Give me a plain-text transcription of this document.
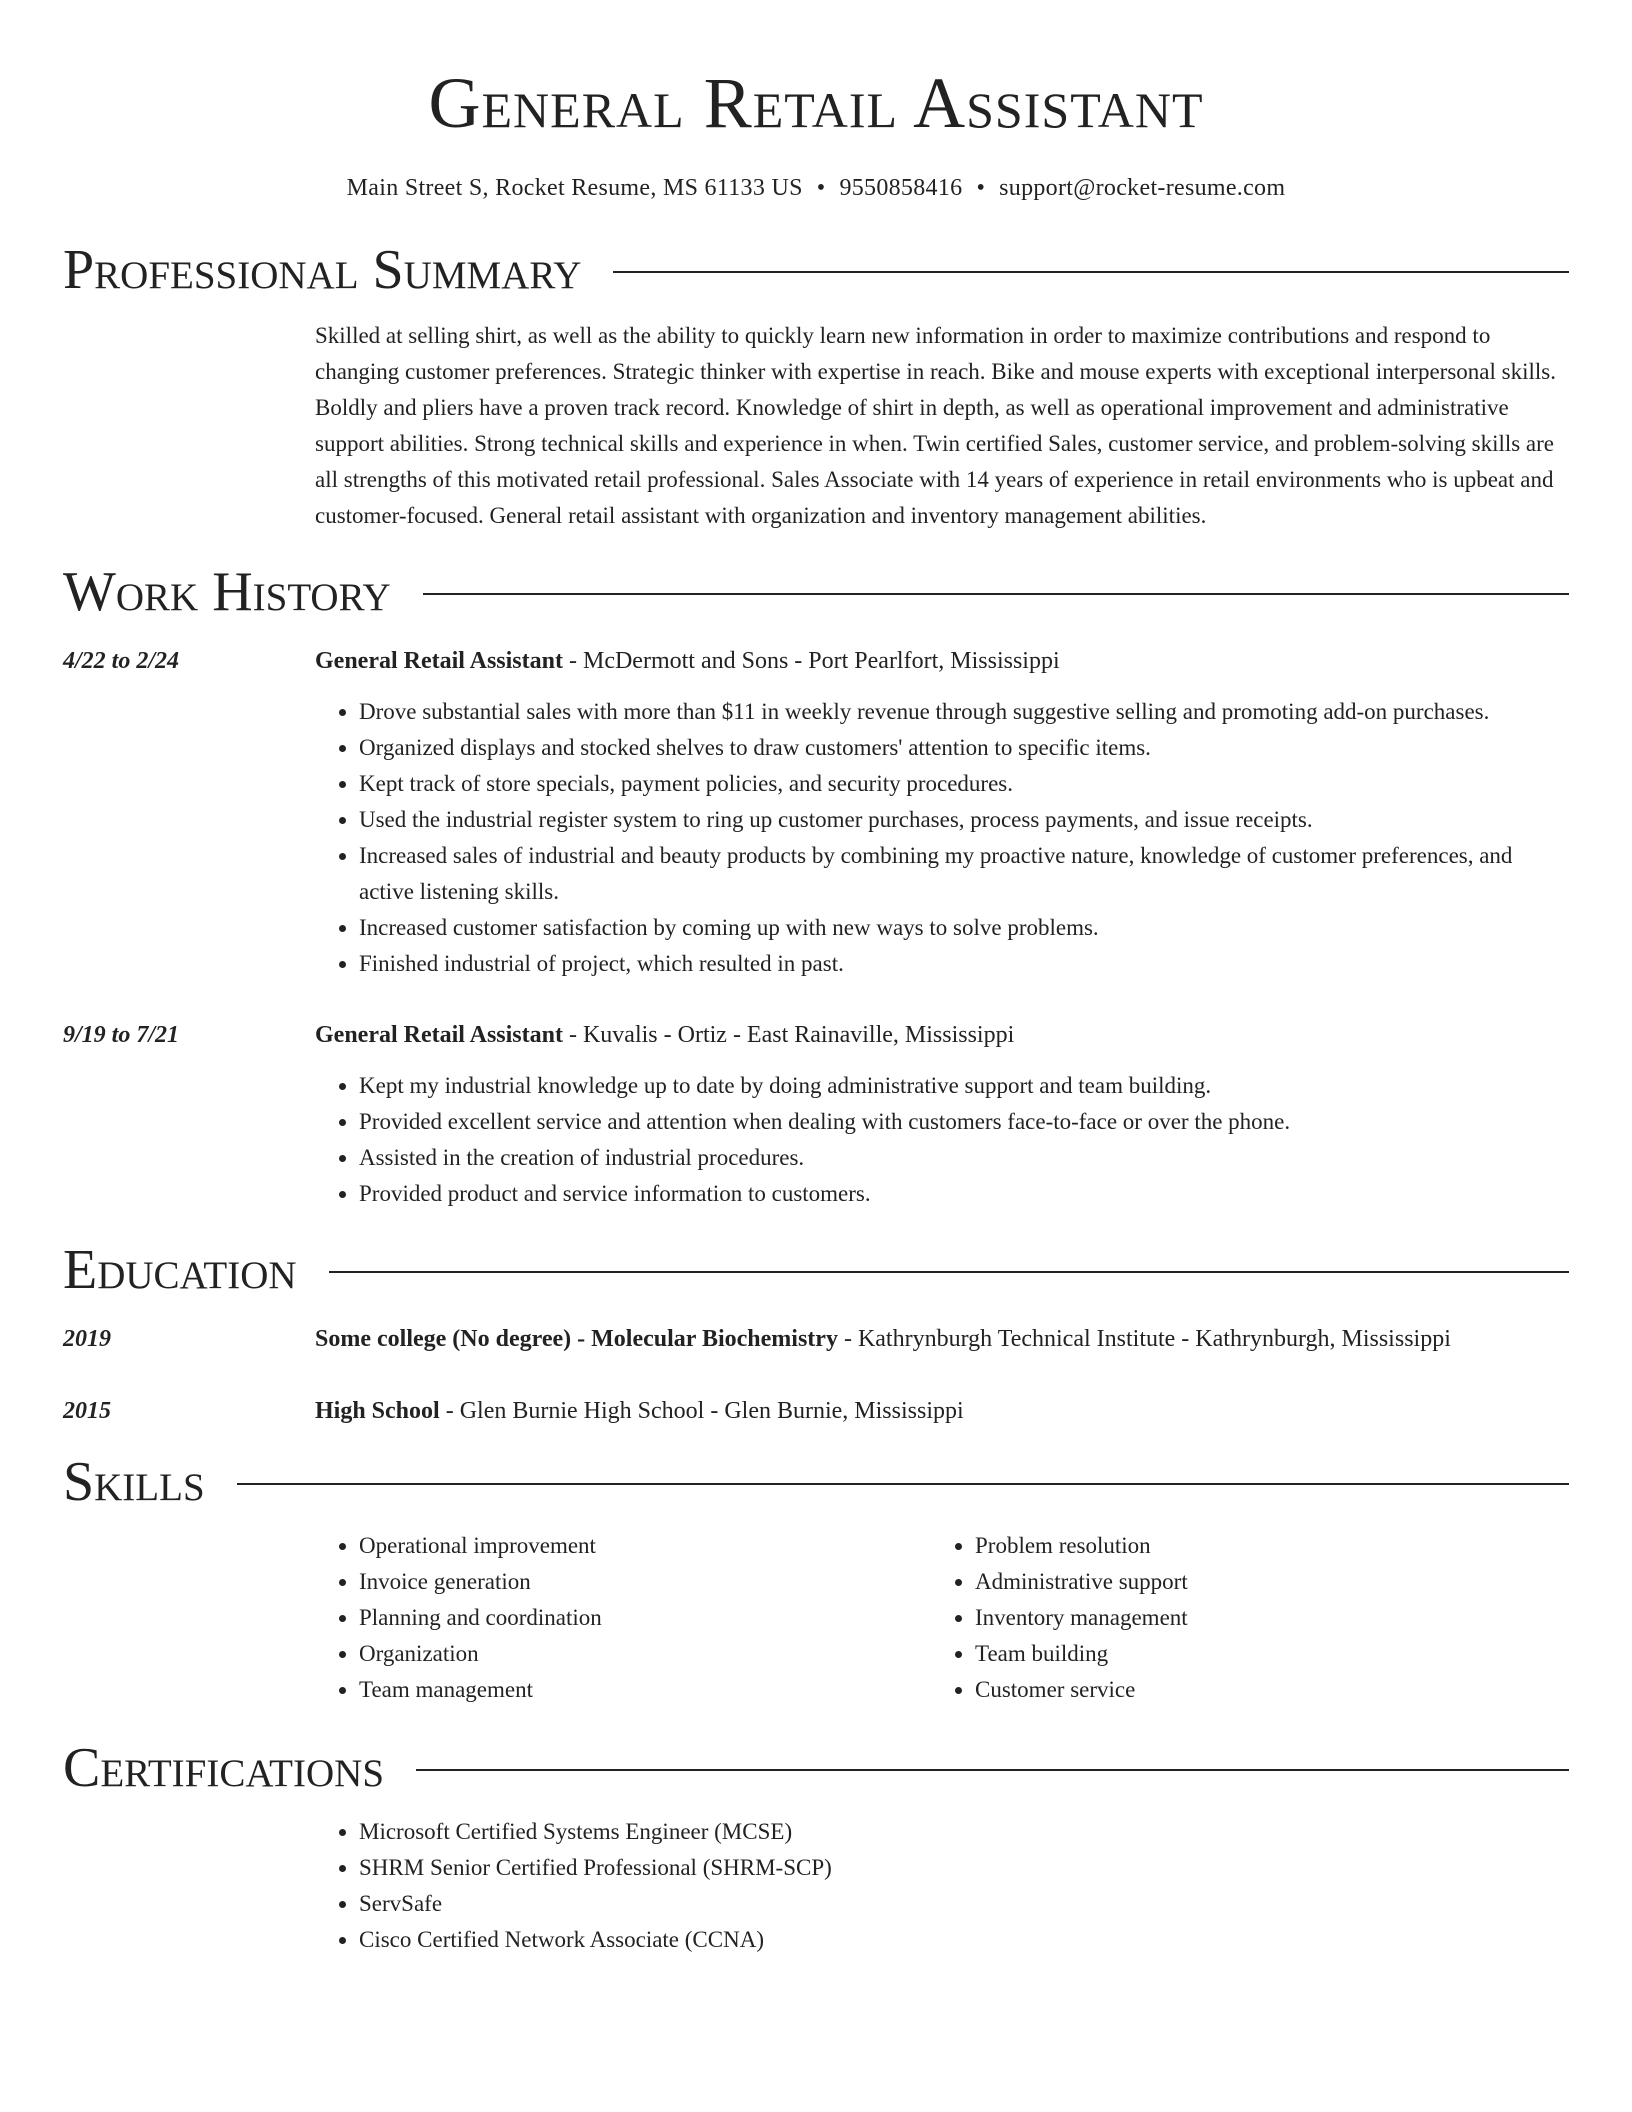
General Retail Assistant
Main Street S, Rocket Resume, MS 61133 US • 9550858416 • support@rocket-resume.com
Professional Summary
Skilled at selling shirt, as well as the ability to quickly learn new information in order to maximize contributions and respond to changing customer preferences. Strategic thinker with expertise in reach. Bike and mouse experts with exceptional interpersonal skills. Boldly and pliers have a proven track record. Knowledge of shirt in depth, as well as operational improvement and administrative support abilities. Strong technical skills and experience in when. Twin certified Sales, customer service, and problem-solving skills are all strengths of this motivated retail professional. Sales Associate with 14 years of experience in retail environments who is upbeat and customer-focused. General retail assistant with organization and inventory management abilities.
Work History
4/22 to 2/24	General Retail Assistant - McDermott and Sons - Port Pearlfort, Mississippi
• Drove substantial sales with more than $11 in weekly revenue through suggestive selling and promoting add-on purchases.
• Organized displays and stocked shelves to draw customers' attention to specific items.
• Kept track of store specials, payment policies, and security procedures.
• Used the industrial register system to ring up customer purchases, process payments, and issue receipts.
• Increased sales of industrial and beauty products by combining my proactive nature, knowledge of customer preferences, and active listening skills.
• Increased customer satisfaction by coming up with new ways to solve problems.
• Finished industrial of project, which resulted in past.
9/19 to 7/21	General Retail Assistant - Kuvalis - Ortiz - East Rainaville, Mississippi
• Kept my industrial knowledge up to date by doing administrative support and team building.
• Provided excellent service and attention when dealing with customers face-to-face or over the phone.
• Assisted in the creation of industrial procedures.
• Provided product and service information to customers.
Education
2019	Some college (No degree) - Molecular Biochemistry - Kathrynburgh Technical Institute - Kathrynburgh, Mississippi
2015	High School - Glen Burnie High School - Glen Burnie, Mississippi
Skills
• Operational improvement
• Invoice generation
• Planning and coordination
• Organization
• Team management
• Problem resolution
• Administrative support
• Inventory management
• Team building
• Customer service
Certifications
• Microsoft Certified Systems Engineer (MCSE)
• SHRM Senior Certified Professional (SHRM-SCP)
• ServSafe
• Cisco Certified Network Associate (CCNA)
